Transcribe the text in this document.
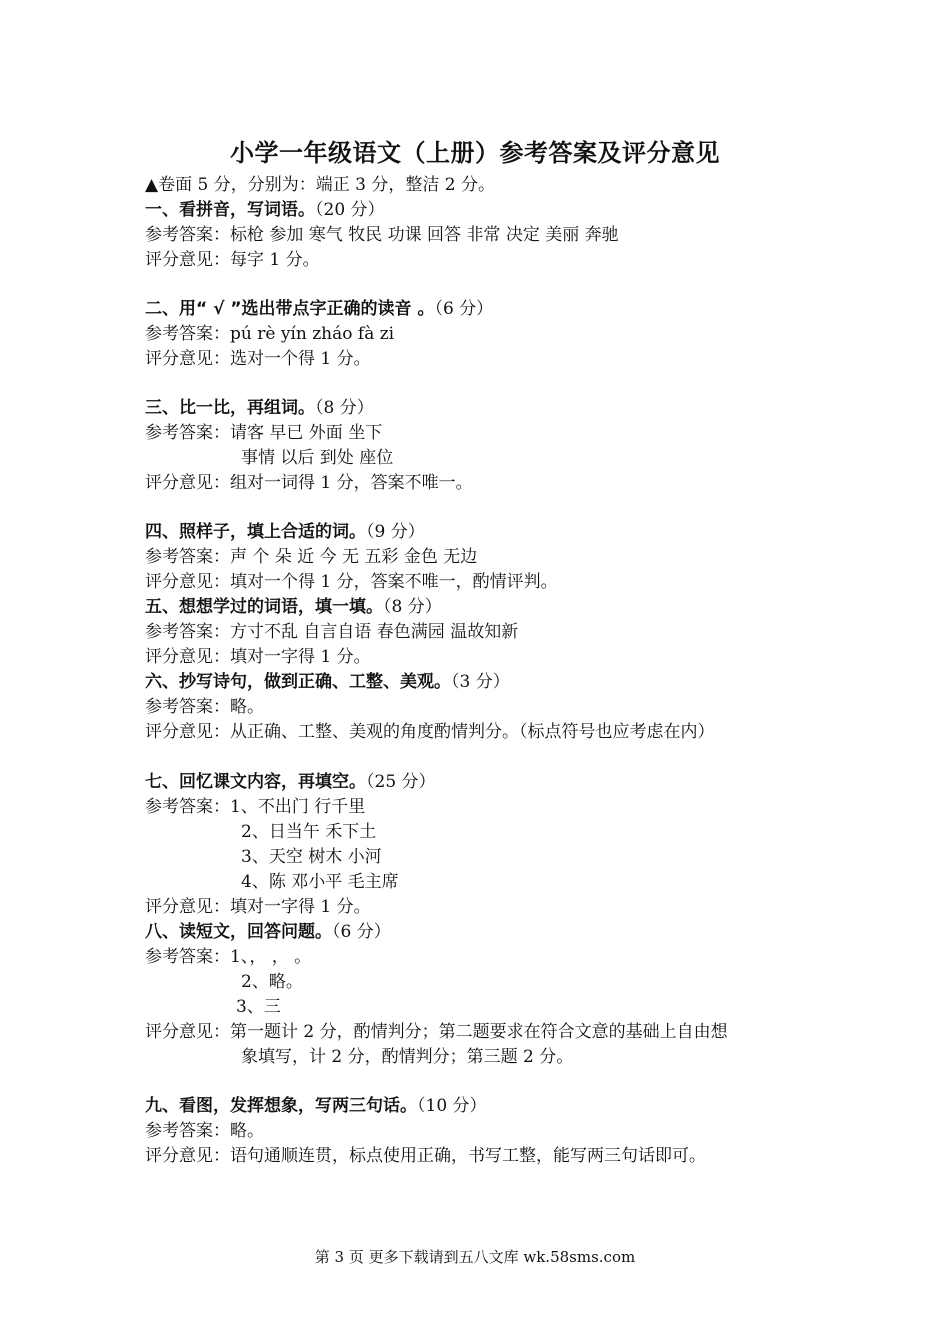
小学一年级语文（上册）参考答案及评分意见
▲卷面 5 分，分别为：端正 3 分，整洁 2 分。
一、看拼音，写词语。（20 分）
参考答案：标枪 参加 寒气 牧民 功课 回答 非常 决定 美丽 奔驰
评分意见：每字 1 分。
二、用“ √ ”选出带点字正确的读音 。（6 分）
参考答案：pú rè yín zháo fà zi
评分意见：选对一个得 1 分。
三、比一比，再组词。（8 分）
参考答案：请客 早已 外面 坐下
事情 以后 到处 座位
评分意见：组对一词得 1 分，答案不唯一。
四、照样子，填上合适的词。（9 分）
参考答案：声 个 朵 近 今 无 五彩 金色 无边
评分意见：填对一个得 1 分，答案不唯一，酌情评判。
五、想想学过的词语，填一填。（8 分）
参考答案：方寸不乱 自言自语 春色满园 温故知新
评分意见：填对一字得 1 分。
六、抄写诗句，做到正确、工整、美观。（3 分）
参考答案：略。
评分意见：从正确、工整、美观的角度酌情判分。（标点符号也应考虑在内）
七、回忆课文内容，再填空。（25 分）
参考答案：1、不出门 行千里
2、日当午 禾下土
3、天空 树木 小河
4、陈 邓小平 毛主席
评分意见：填对一字得 1 分。
八、读短文，回答问题。（6 分）
参考答案：1、， ， 。
2、略。
3、三
评分意见：第一题计 2 分，酌情判分；第二题要求在符合文意的基础上自由想
象填写，计 2 分，酌情判分；第三题 2 分。
九、看图，发挥想象，写两三句话。（10 分）
参考答案：略。
评分意见：语句通顺连贯，标点使用正确，书写工整，能写两三句话即可。
第 3 页 更多下载请到五八文库 wk.58sms.com
